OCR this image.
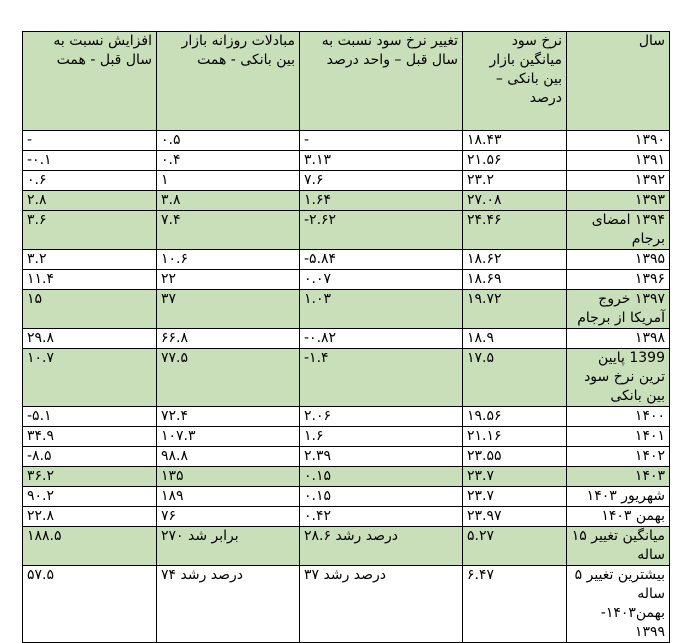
سال	نرخ سود میانگین بازار بین بانکی – درصد	تغییر نرخ سود نسبت به سال قبل – واحد درصد	مبادلات روزانه بازار بین بانکی - همت	افزایش نسبت به سال قبل - همت
۱۳۹۰	۱۸.۴۳	-	۰.۵	-
۱۳۹۱	۲۱.۵۶	۳.۱۳	۰.۴	-۰.۱
۱۳۹۲	۲۳.۲	۷.۶	۱	۰.۶
۱۳۹۳	۲۷.۰۸	۱.۶۴	۳.۸	۲.۸
۱۳۹۴ امضای برجام	۲۴.۴۶	-۲.۶۲	۷.۴	۳.۶
۱۳۹۵	۱۸.۶۲	-۵.۸۴	۱۰.۶	۳.۲
۱۳۹۶	۱۸.۶۹	۰.۰۷	۲۲	۱۱.۴
۱۳۹۷ خروج آمریکا از برجام	۱۹.۷۲	۱.۰۳	۳۷	۱۵
۱۳۹۸	۱۸.۹	-۰.۸۲	۶۶.۸	۲۹.۸
1399 پایین ترین نرخ سود بین بانکی	۱۷.۵	-۱.۴	۷۷.۵	۱۰.۷
۱۴۰۰	۱۹.۵۶	۲.۰۶	۷۲.۴	-۵.۱
۱۴۰۱	۲۱.۱۶	۱.۶	۱۰۷.۳	۳۴.۹
۱۴۰۲	۲۳.۵۵	۲.۳۹	۹۸.۸	-۸.۵
۱۴۰۳	۲۳.۷	۰.۱۵	۱۳۵	۳۶.۲
شهریور ۱۴۰۳	۲۳.۷	۰.۱۵	۱۸۹	۹۰.۲
بهمن ۱۴۰۳	۲۳.۹۷	۰.۴۲	۷۶	۲۲.۸
میانگین تغییر ۱۵ ساله	۵.۲۷	۲۸.۶ درصد رشد	۲۷۰ برابر شد	۱۸۸.۵
بیشترین تغییر ۵ ساله بهمن۱۴۰۳- ۱۳۹۹	۶.۴۷	۳۷ درصد رشد	۷۴ درصد رشد	۵۷.۵
